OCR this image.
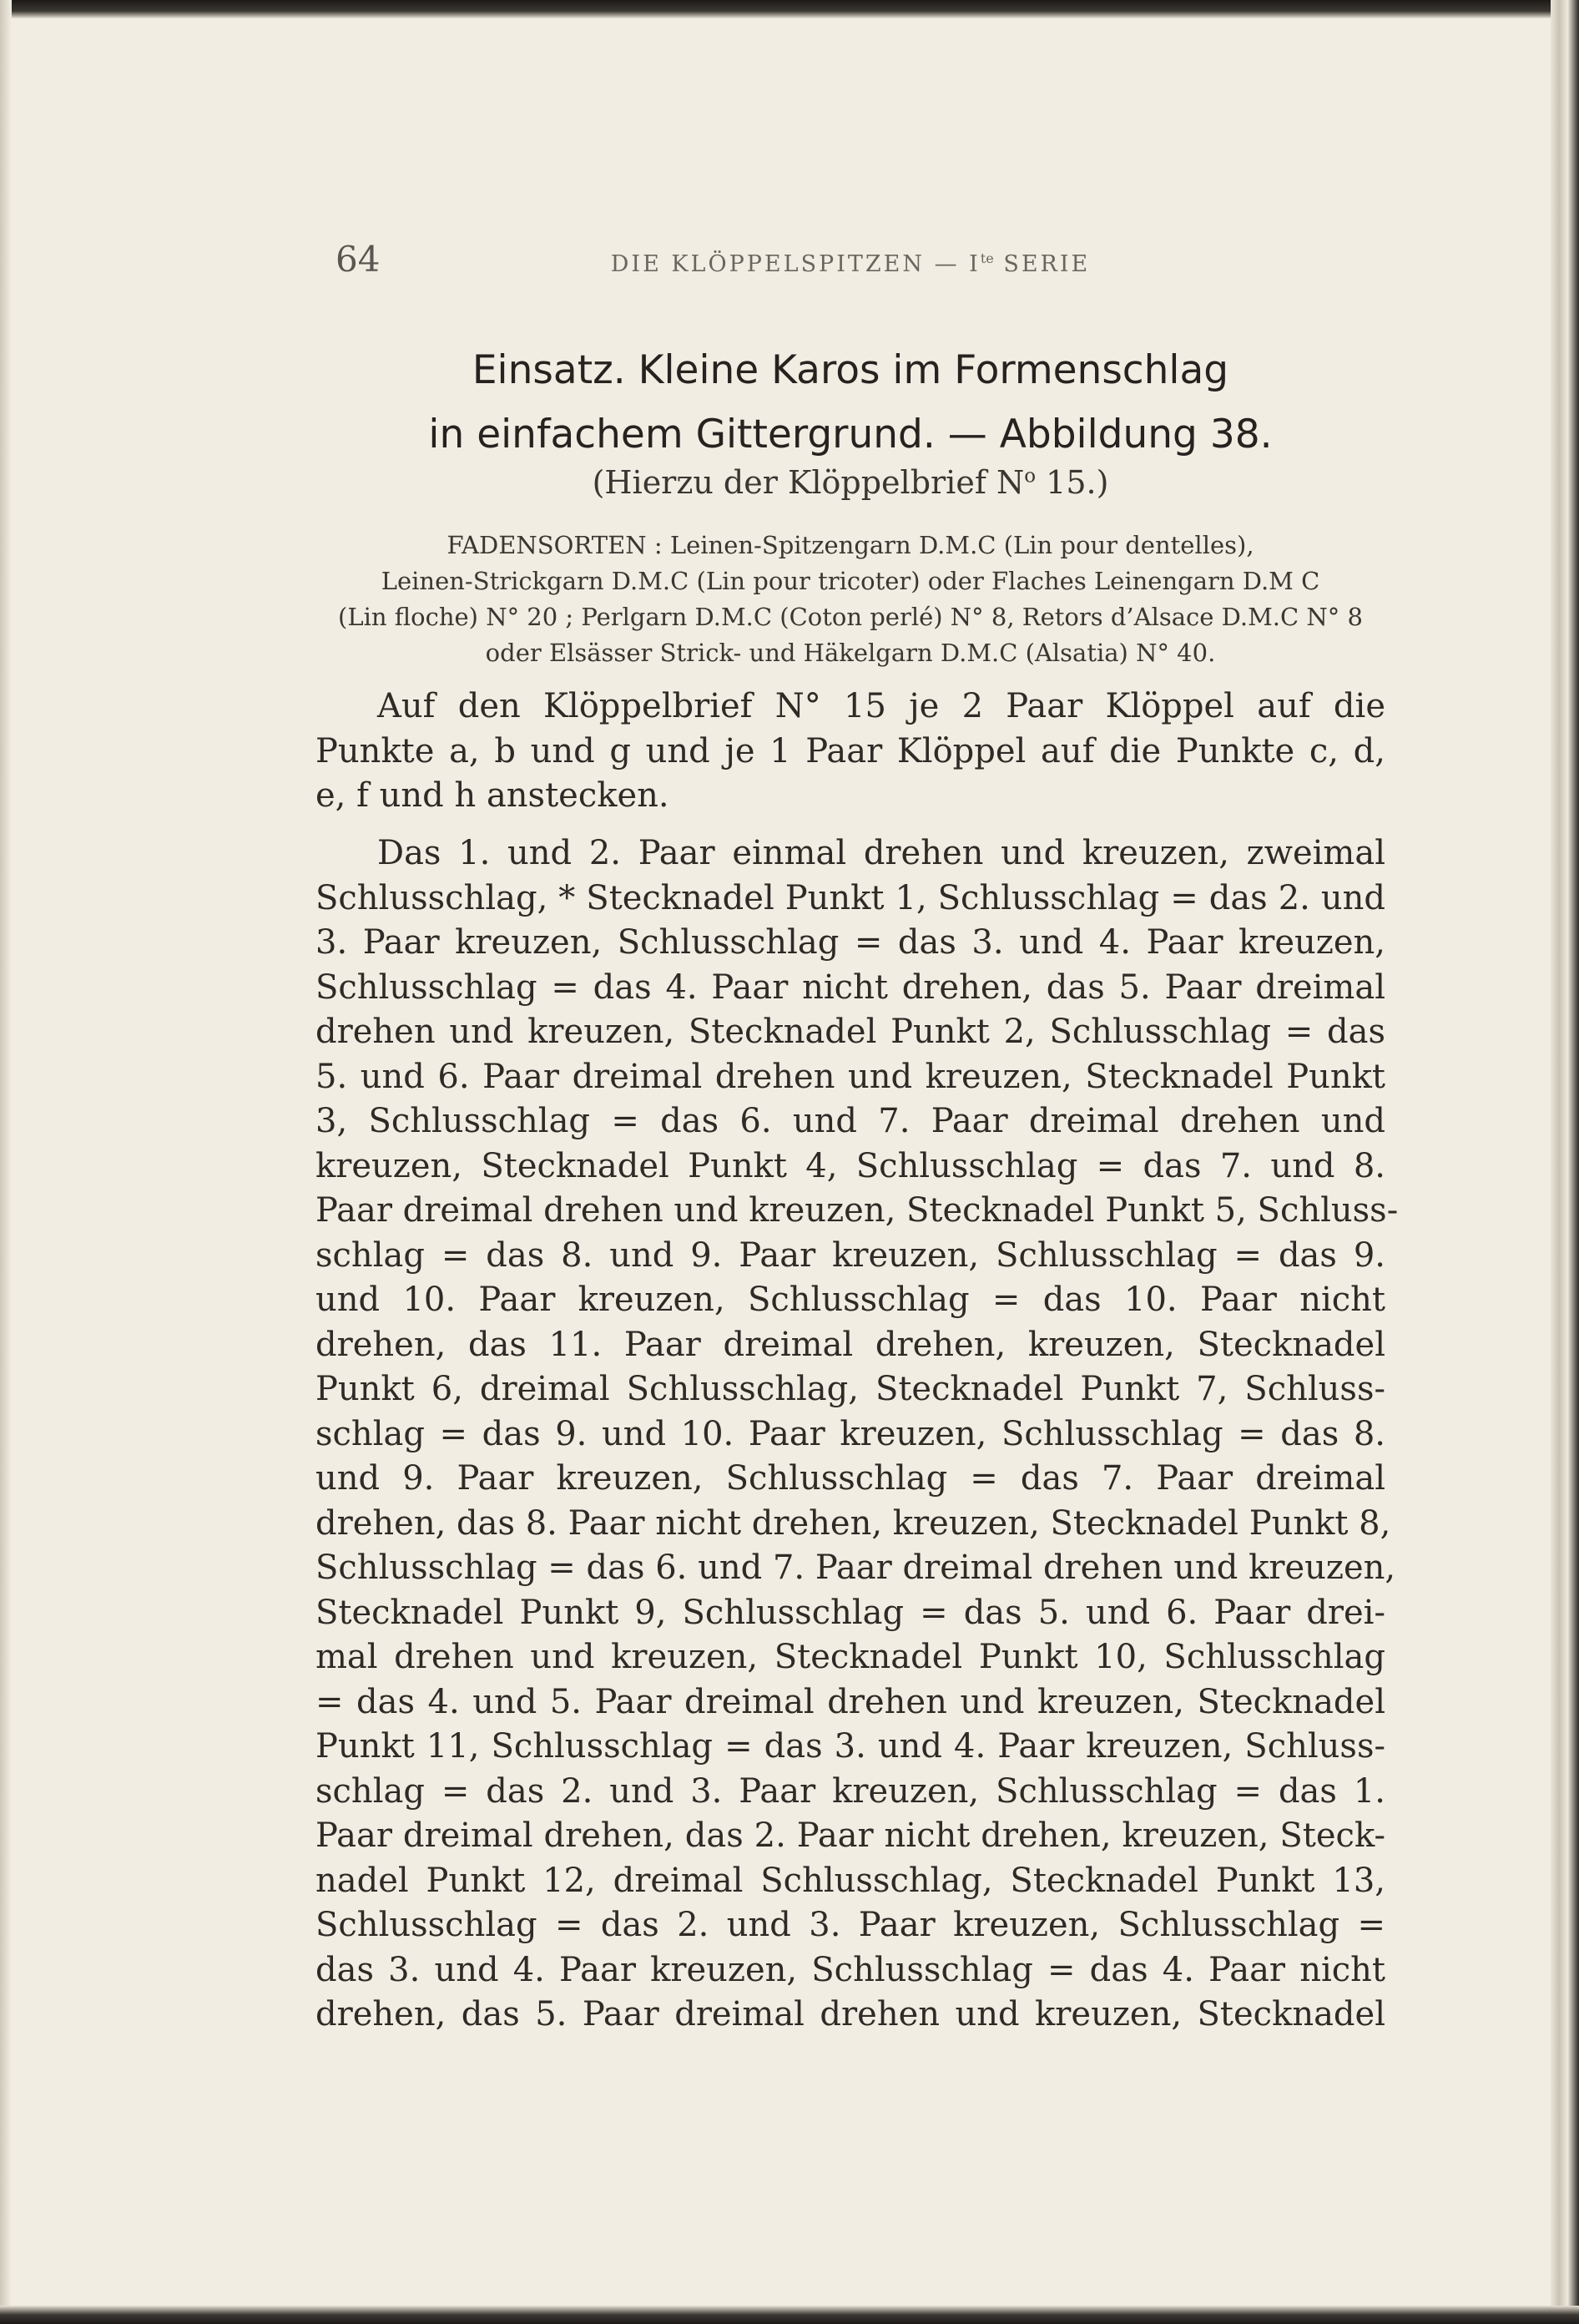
64	DIE KLÖPPELSPITZEN — $I^{te}$ SERIE
Einsatz. Kleine Karos im Formenschlag
in einfachem Gittergrund. — Abbildung 38.
(Hierzu der Klöppelbrief $N^o$ 15.)
FADENSORTEN : Leinen-Spitzengarn D.M.C (Lin pour dentelles),
Leinen-Strickgarn D.M.C (Lin pour tricoter) oder Flaches Leinengarn D.M C
(Lin floche) N° 20 ; Perlgarn D.M.C (Coton perlé) N° 8, Retors d’Alsace D.M.C N° 8
oder Elsässer Strick- und Häkelgarn D.M.C (Alsatia) N° 40.
Auf den Klöppelbrief N° 15 je 2 Paar Klöppel auf die
Punkte a, b und g und je 1 Paar Klöppel auf die Punkte c, d,
e, f und h anstecken.
Das 1. und 2. Paar einmal drehen und kreuzen, zweimal
Schlusschlag, * Stecknadel Punkt 1, Schlusschlag = das 2. und
3. Paar kreuzen, Schlusschlag = das 3. und 4. Paar kreuzen,
Schlusschlag = das 4. Paar nicht drehen, das 5. Paar dreimal
drehen und kreuzen, Stecknadel Punkt 2, Schlusschlag = das
5. und 6. Paar dreimal drehen und kreuzen, Stecknadel Punkt
3, Schlusschlag = das 6. und 7. Paar dreimal drehen und
kreuzen, Stecknadel Punkt 4, Schlusschlag = das 7. und 8.
Paar dreimal drehen und kreuzen, Stecknadel Punkt 5, Schluss-
schlag = das 8. und 9. Paar kreuzen, Schlusschlag = das 9.
und 10. Paar kreuzen, Schlusschlag = das 10. Paar nicht
drehen, das 11. Paar dreimal drehen, kreuzen, Stecknadel
Punkt 6, dreimal Schlusschlag, Stecknadel Punkt 7, Schluss-
schlag = das 9. und 10. Paar kreuzen, Schlusschlag = das 8.
und 9. Paar kreuzen, Schlusschlag = das 7. Paar dreimal
drehen, das 8. Paar nicht drehen, kreuzen, Stecknadel Punkt 8,
Schlusschlag = das 6. und 7. Paar dreimal drehen und kreuzen,
Stecknadel Punkt 9, Schlusschlag = das 5. und 6. Paar drei-
mal drehen und kreuzen, Stecknadel Punkt 10, Schlusschlag
= das 4. und 5. Paar dreimal drehen und kreuzen, Stecknadel
Punkt 11, Schlusschlag = das 3. und 4. Paar kreuzen, Schluss-
schlag = das 2. und 3. Paar kreuzen, Schlusschlag = das 1.
Paar dreimal drehen, das 2. Paar nicht drehen, kreuzen, Steck-
nadel Punkt 12, dreimal Schlusschlag, Stecknadel Punkt 13,
Schlusschlag = das 2. und 3. Paar kreuzen, Schlusschlag =
das 3. und 4. Paar kreuzen, Schlusschlag = das 4. Paar nicht
drehen, das 5. Paar dreimal drehen und kreuzen, Stecknadel
